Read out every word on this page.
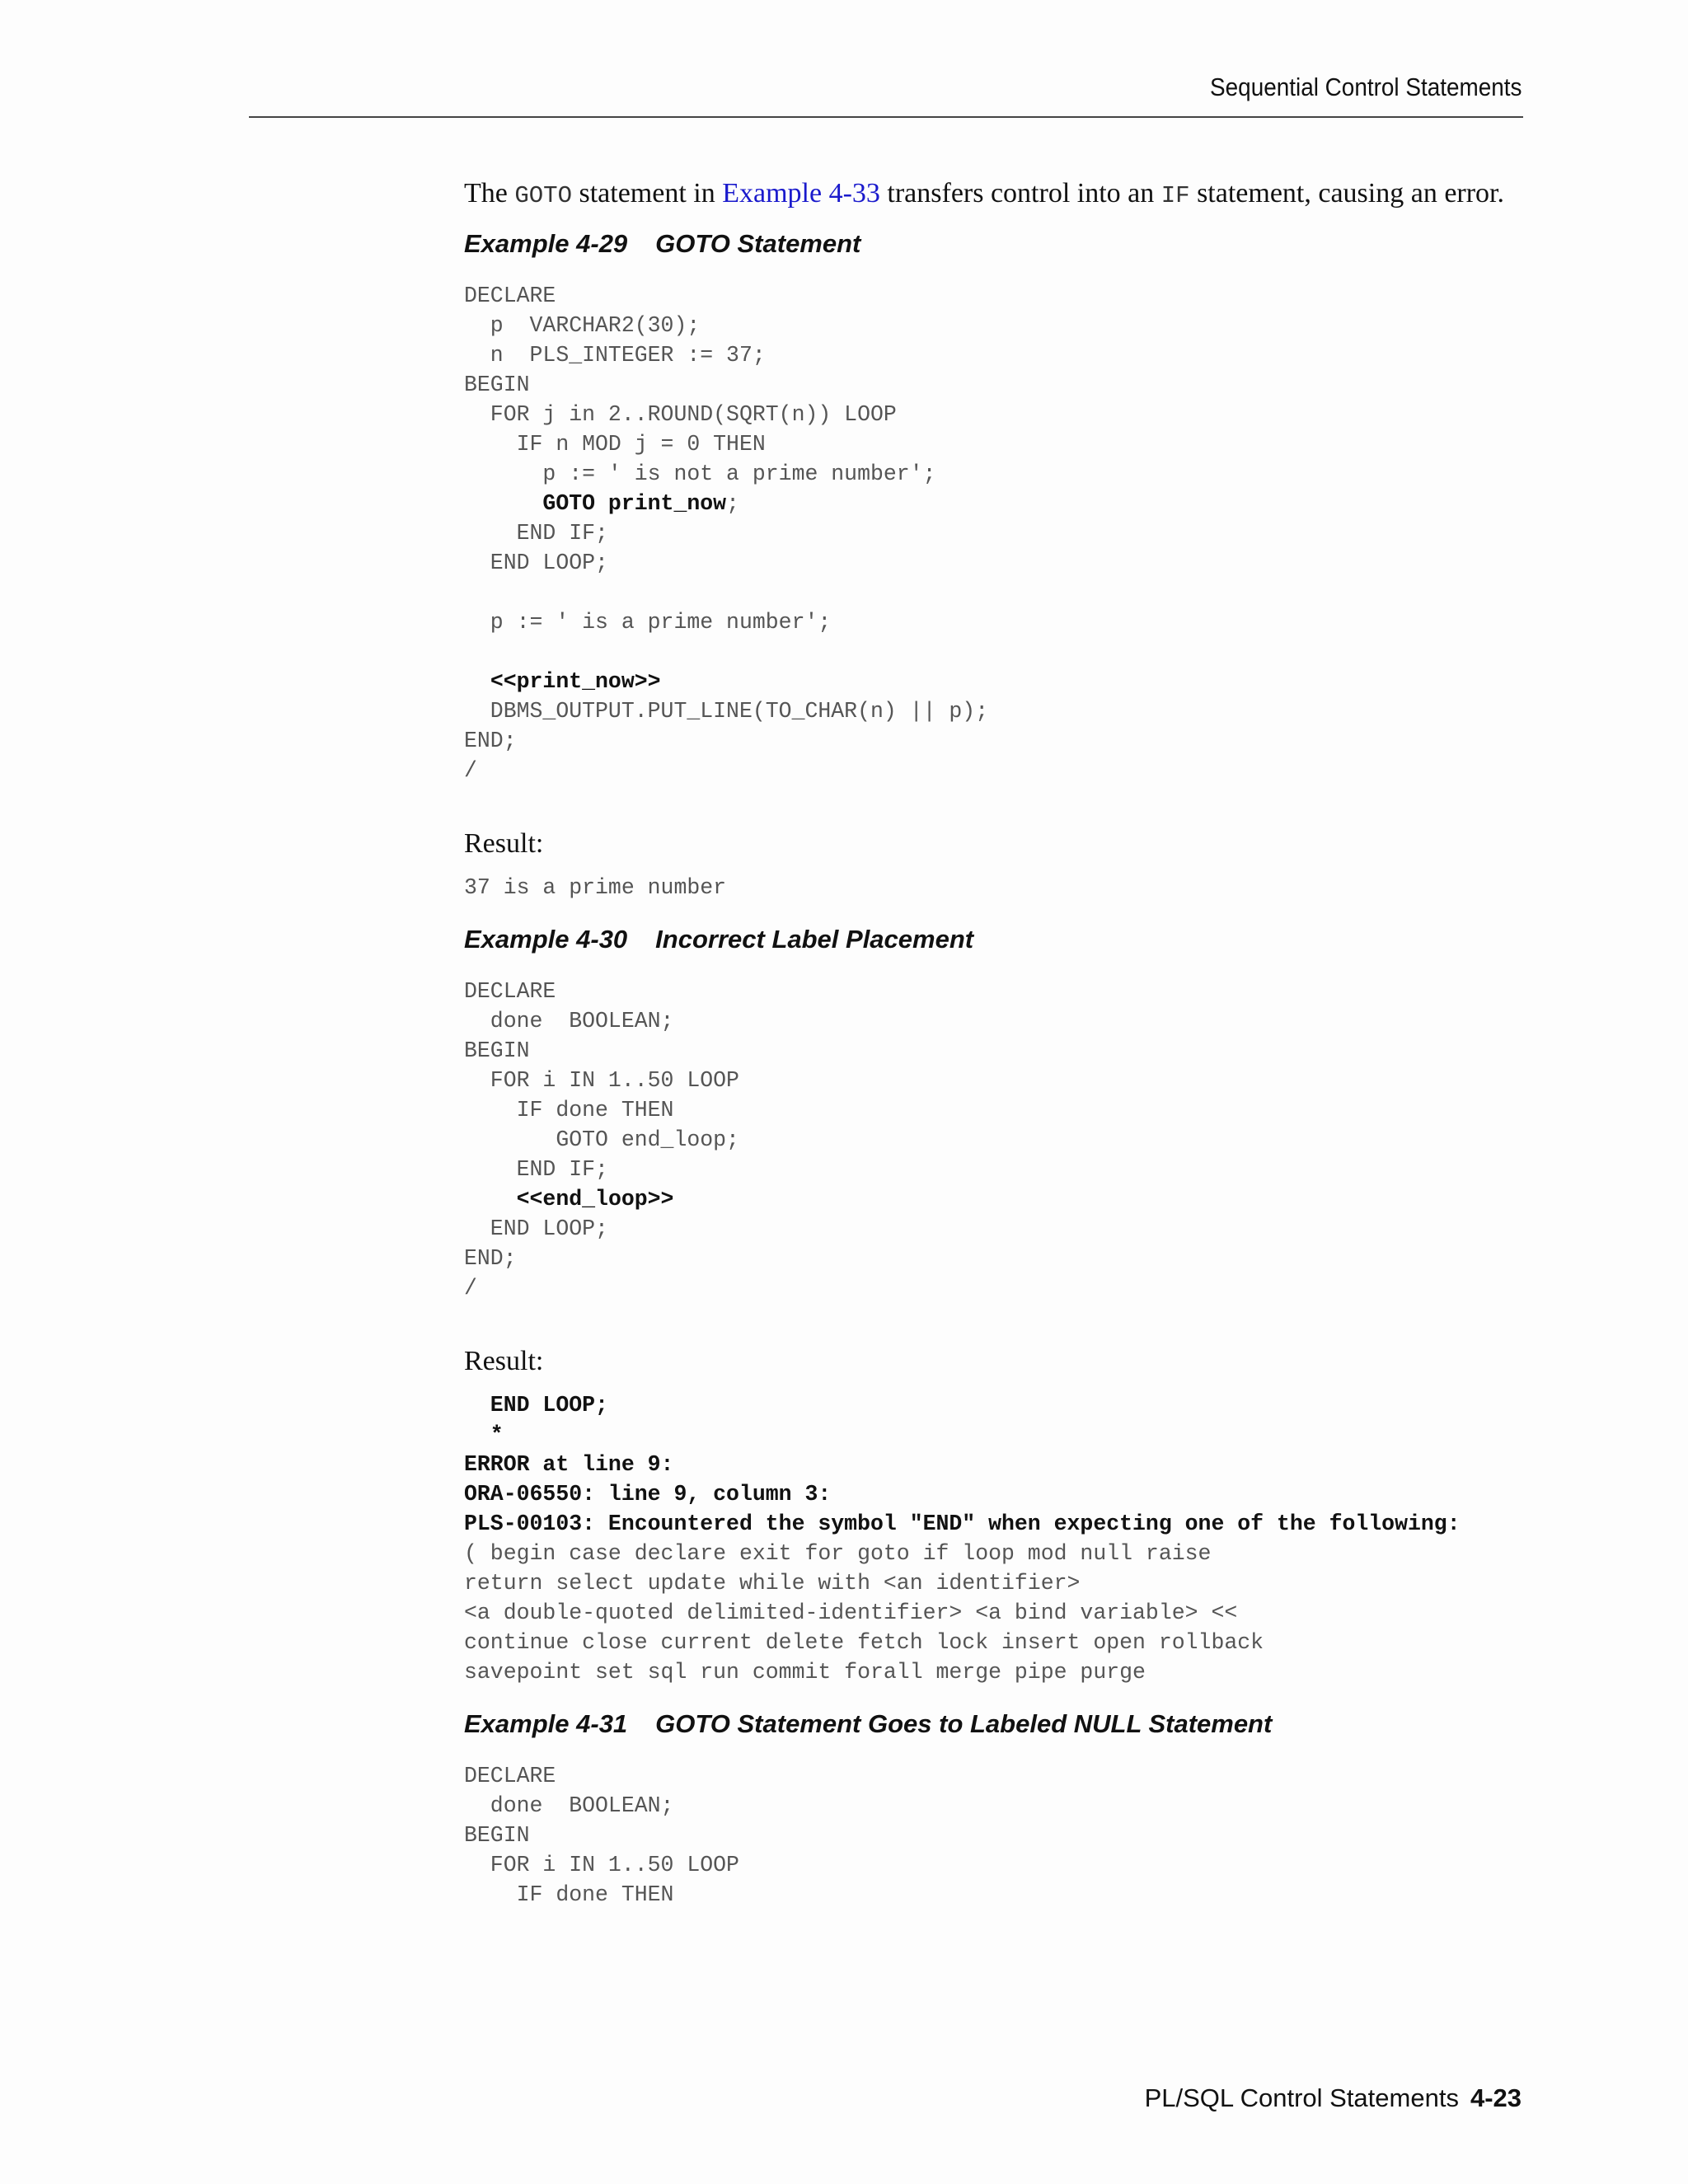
Sequential Control Statements

The GOTO statement in Example 4-33 transfers control into an IF statement, causing an error.

Example 4-29 GOTO Statement
DECLARE
p  VARCHAR2(30);
n  PLS_INTEGER := 37;
BEGIN
FOR j in 2..ROUND(SQRT(n)) LOOP
IF n MOD j = 0 THEN
p := ' is not a prime number';
GOTO print_now;
END IF;
END LOOP;

p := ' is a prime number';

<<print_now>>
DBMS_OUTPUT.PUT_LINE(TO_CHAR(n) || p);
END;
/

Result:

37 is a prime number
Example 4-30 Incorrect Label Placement
DECLARE
done  BOOLEAN;
BEGIN
FOR i IN 1..50 LOOP
IF done THEN
GOTO end_loop;
END IF;
<<end_loop>>
END LOOP;
END;
/

Result:

END LOOP;
*
ERROR at line 9:
ORA-06550: line 9, column 3:
PLS-00103: Encountered the symbol "END" when expecting one of the following:
( begin case declare exit for goto if loop mod null raise
return select update while with <an identifier>
<a double-quoted delimited-identifier> <a bind variable> <<
continue close current delete fetch lock insert open rollback
savepoint set sql run commit forall merge pipe purge
Example 4-31 GOTO Statement Goes to Labeled NULL Statement
DECLARE
done  BOOLEAN;
BEGIN
FOR i IN 1..50 LOOP
IF done THEN
PL/SQL Control Statements 4-23
